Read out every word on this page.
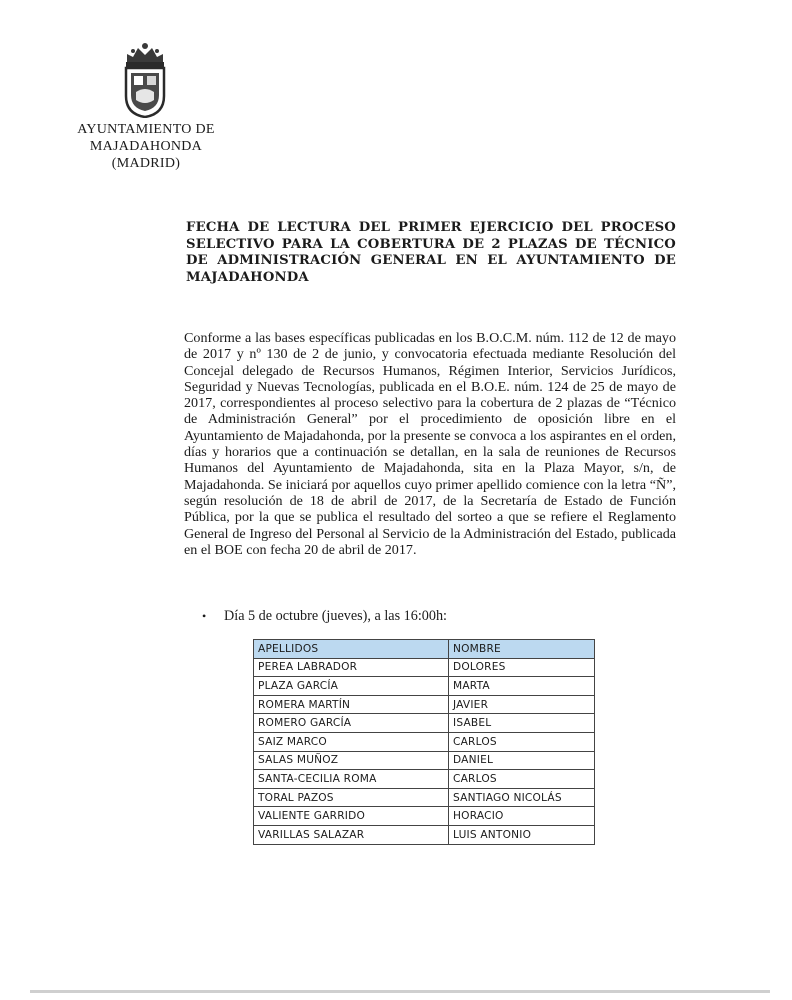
AYUNTAMIENTO DE
MAJADAHONDA
(MADRID)
FECHA DE LECTURA DEL PRIMER EJERCICIO DEL PROCESO SELECTIVO PARA LA COBERTURA DE 2 PLAZAS DE TÉCNICO DE ADMINISTRACIÓN GENERAL EN EL AYUNTAMIENTO DE MAJADAHONDA
Conforme a las bases específicas publicadas en los B.O.C.M. núm. 112 de 12 de mayo de 2017 y nº 130 de 2 de junio, y convocatoria efectuada mediante Resolución del Concejal delegado de Recursos Humanos, Régimen Interior, Servicios Jurídicos, Seguridad y Nuevas Tecnologías, publicada en el B.O.E. núm. 124 de 25 de mayo de 2017, correspondientes al proceso selectivo para la cobertura de 2 plazas de “Técnico de Administración General” por el procedimiento de oposición libre en el Ayuntamiento de Majadahonda, por la presente se convoca a los aspirantes en el orden, días y horarios que a continuación se detallan, en la sala de reuniones de Recursos Humanos del Ayuntamiento de Majadahonda, sita en la Plaza Mayor, s/n, de Majadahonda. Se iniciará por aquellos cuyo primer apellido comience con la letra “Ñ”, según resolución de 18 de abril de 2017, de la Secretaría de Estado de Función Pública, por la que se publica el resultado del sorteo a que se refiere el Reglamento General de Ingreso del Personal al Servicio de la Administración del Estado, publicada en el BOE con fecha 20 de abril de 2017.
• Día 5 de octubre (jueves), a las 16:00h:
APELLIDOS	NOMBRE
PEREA LABRADOR	DOLORES
PLAZA GARCÍA	MARTA
ROMERA MARTÍN	JAVIER
ROMERO GARCÍA	ISABEL
SAIZ MARCO	CARLOS
SALAS MUÑOZ	DANIEL
SANTA-CECILIA ROMA	CARLOS
TORAL PAZOS	SANTIAGO NICOLÁS
VALIENTE GARRIDO	HORACIO
VARILLAS SALAZAR	LUIS ANTONIO
